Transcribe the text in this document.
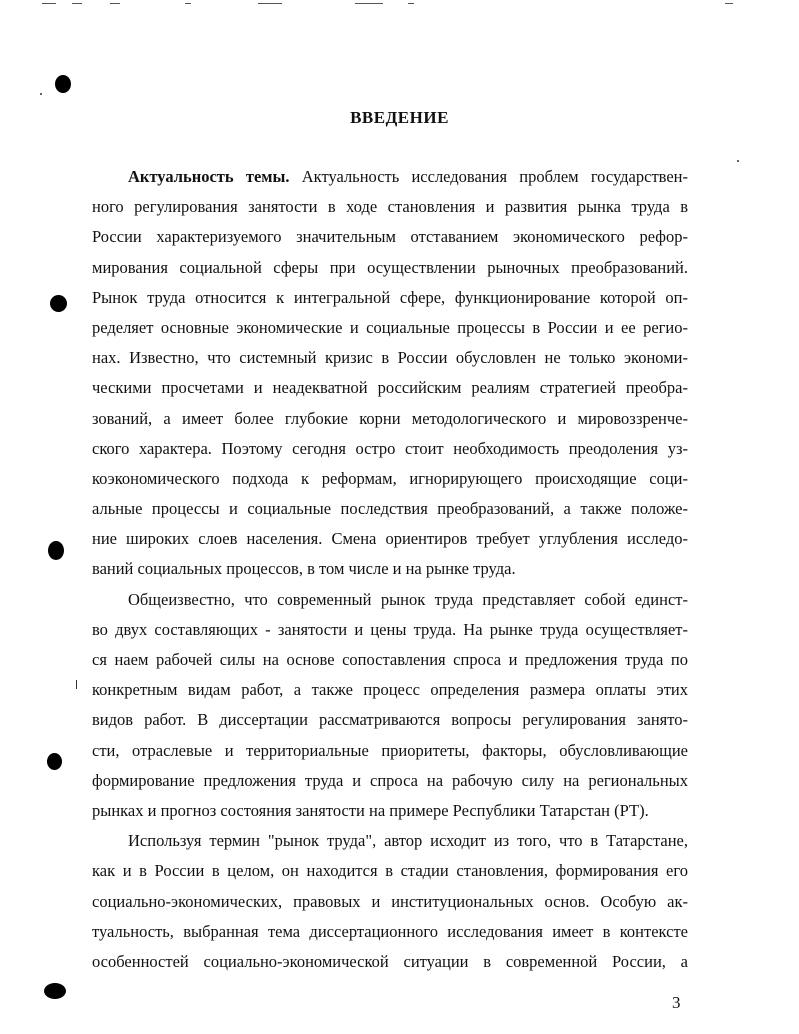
ВВЕДЕНИЕ
Актуальность темы. Актуальность исследования проблем государствен-
ного регулирования занятости в ходе становления и развития рынка труда в
России характеризуемого значительным отставанием экономического рефор-
мирования социальной сферы при осуществлении рыночных преобразований.
Рынок труда относится к интегральной сфере, функционирование которой оп-
ределяет основные экономические и социальные процессы в России и ее регио-
нах. Известно, что системный кризис в России обусловлен не только экономи-
ческими просчетами и неадекватной российским реалиям стратегией преобра-
зований, а имеет более глубокие корни методологического и мировоззренче-
ского характера. Поэтому сегодня остро стоит необходимость преодоления уз-
коэкономического подхода к реформам, игнорирующего происходящие соци-
альные процессы и социальные последствия преобразований, а также положе-
ние широких слоев населения. Смена ориентиров требует углубления исследо-
ваний социальных процессов, в том числе и на рынке труда.
Общеизвестно, что современный рынок труда представляет собой единст-
во двух составляющих - занятости и цены труда. На рынке труда осуществляет-
ся наем рабочей силы на основе сопоставления спроса и предложения труда по
конкретным видам работ, а также процесс определения размера оплаты этих
видов работ. В диссертации рассматриваются вопросы регулирования занято-
сти, отраслевые и территориальные приоритеты, факторы, обусловливающие
формирование предложения труда и спроса на рабочую силу на региональных
рынках и прогноз состояния занятости на примере Республики Татарстан (РТ).
Используя термин "рынок труда", автор исходит из того, что в Татарстане,
как и в России в целом, он находится в стадии становления, формирования его
социально-экономических, правовых и институциональных основ. Особую ак-
туальность, выбранная тема диссертационного исследования имеет в контексте
особенностей социально-экономической ситуации в современной России, а
3
